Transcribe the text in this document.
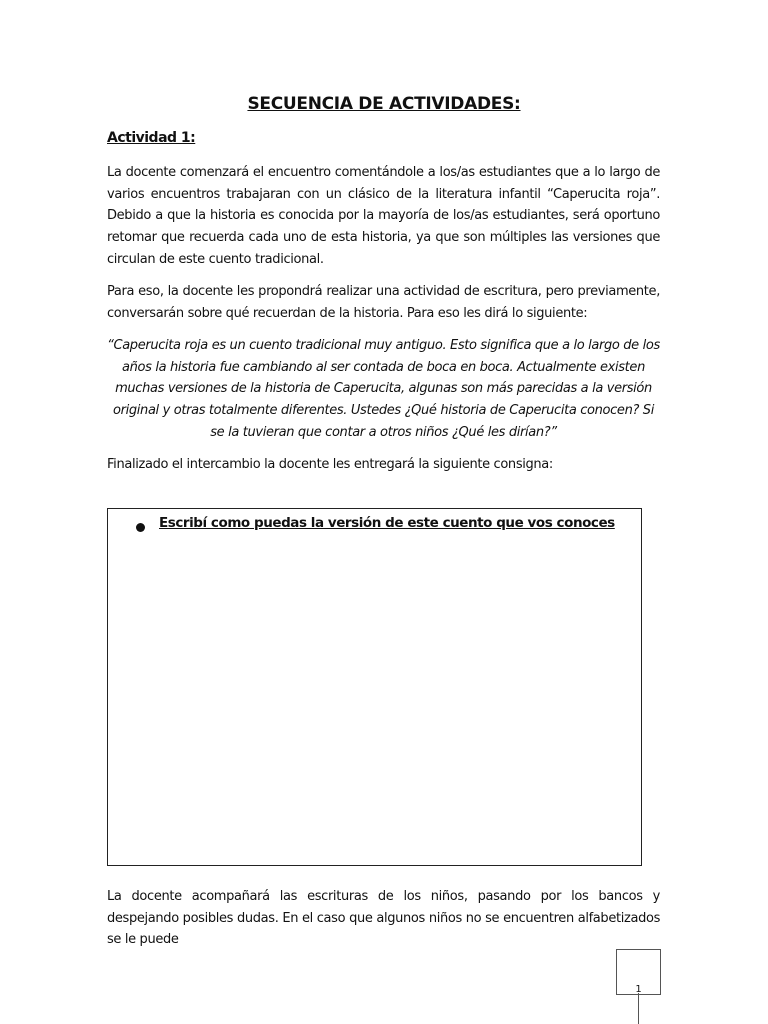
SECUENCIA DE ACTIVIDADES:
Actividad 1:

La docente comenzará el encuentro comentándole a los/as estudiantes que a lo largo de varios encuentros trabajaran con un clásico de la literatura infantil “Caperucita roja”. Debido a que la historia es conocida por la mayoría de los/as estudiantes, será oportuno retomar que recuerda cada uno de esta historia, ya que son múltiples las versiones que circulan de este cuento tradicional.

Para eso, la docente les propondrá realizar una actividad de escritura, pero previamente, conversarán sobre qué recuerdan de la historia. Para eso les dirá lo siguiente:

“Caperucita roja es un cuento tradicional muy antiguo. Esto significa que a lo largo de los años la historia fue cambiando al ser contada de boca en boca. Actualmente existen muchas versiones de la historia de Caperucita, algunas son más parecidas a la versión original y otras totalmente diferentes. Ustedes ¿Qué historia de Caperucita conocen? Si se la tuvieran que contar a otros niños ¿Qué les dirían?”

Finalizado el intercambio la docente les entregará la siguiente consigna:

Escribí como puedas la versión de este cuento que vos conoces

La docente acompañará las escrituras de los niños, pasando por los bancos y despejando posibles dudas. En el caso que algunos niños no se encuentren alfabetizados se le puede

1
